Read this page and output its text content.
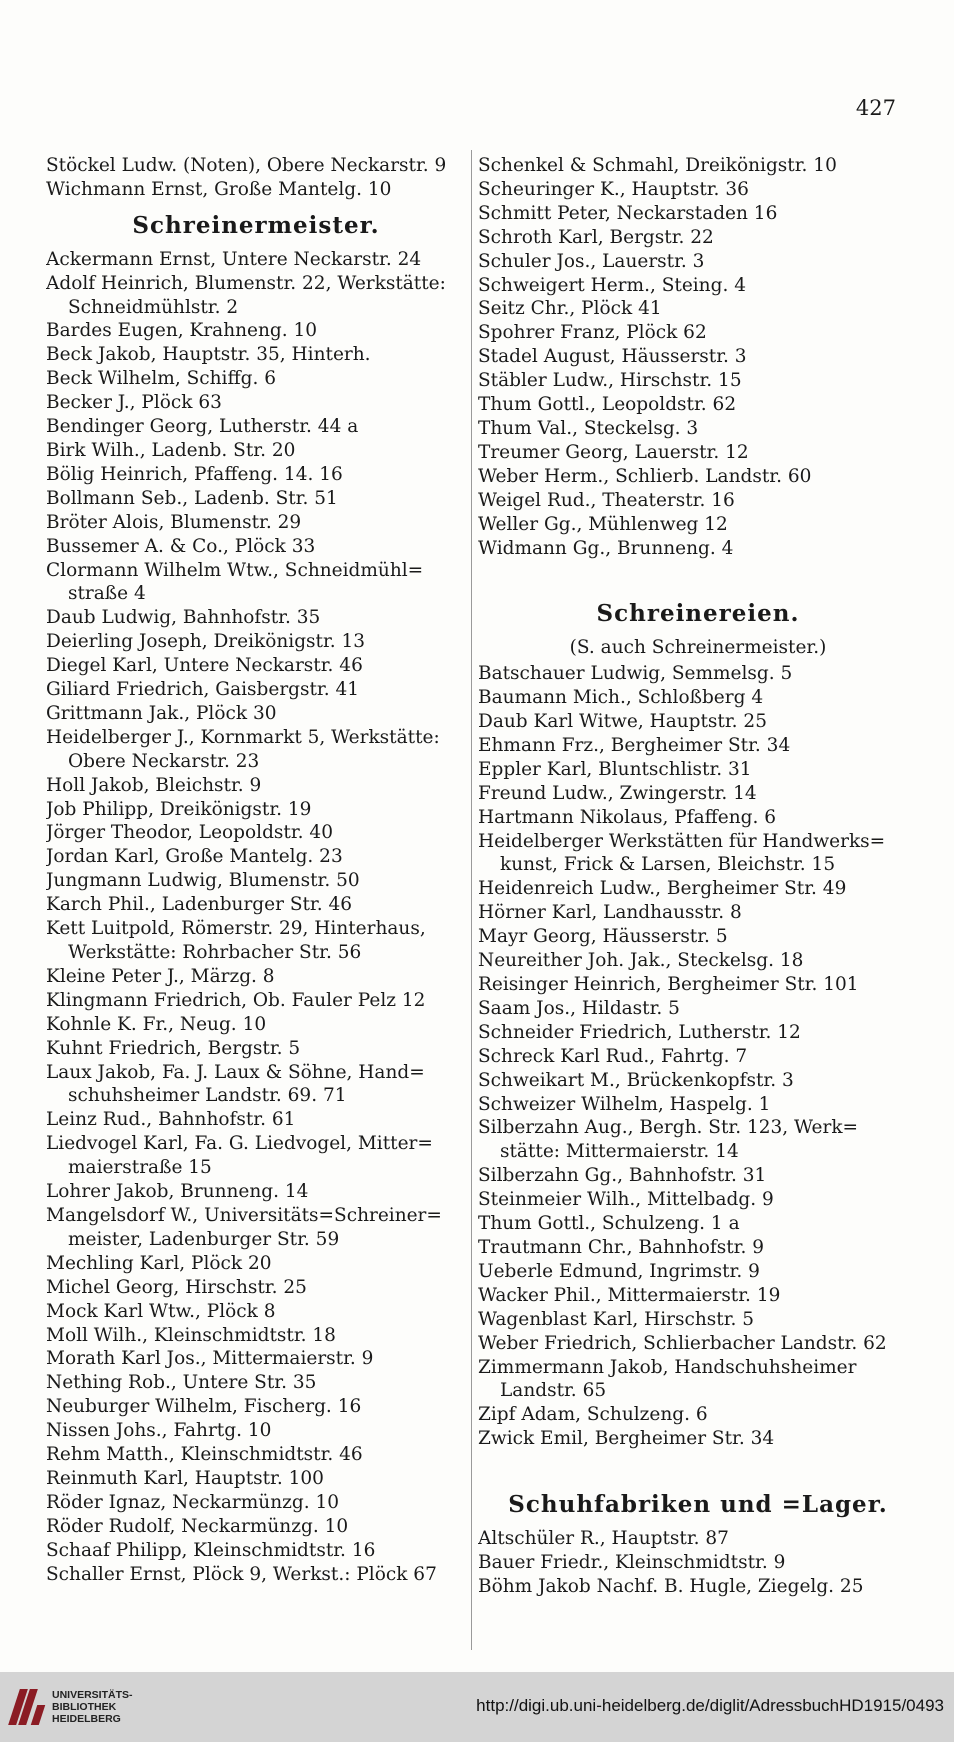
427
Stöckel Ludw. (Noten), Obere Neckarstr. 9
Wichmann Ernst, Große Mantelg. 10
Schreinermeister.
Ackermann Ernst, Untere Neckarstr. 24
Adolf Heinrich, Blumenstr. 22, Werkstätte:
Schneidmühlstr. 2
Bardes Eugen, Krahneng. 10
Beck Jakob, Hauptstr. 35, Hinterh.
Beck Wilhelm, Schiffg. 6
Becker J., Plöck 63
Bendinger Georg, Lutherstr. 44 a
Birk Wilh., Ladenb. Str. 20
Bölig Heinrich, Pfaffeng. 14. 16
Bollmann Seb., Ladenb. Str. 51
Bröter Alois, Blumenstr. 29
Bussemer A. & Co., Plöck 33
Clormann Wilhelm Wtw., Schneidmühl=
straße 4
Daub Ludwig, Bahnhofstr. 35
Deierling Joseph, Dreikönigstr. 13
Diegel Karl, Untere Neckarstr. 46
Giliard Friedrich, Gaisbergstr. 41
Grittmann Jak., Plöck 30
Heidelberger J., Kornmarkt 5, Werkstätte:
Obere Neckarstr. 23
Holl Jakob, Bleichstr. 9
Job Philipp, Dreikönigstr. 19
Jörger Theodor, Leopoldstr. 40
Jordan Karl, Große Mantelg. 23
Jungmann Ludwig, Blumenstr. 50
Karch Phil., Ladenburger Str. 46
Kett Luitpold, Römerstr. 29, Hinterhaus,
Werkstätte: Rohrbacher Str. 56
Kleine Peter J., Märzg. 8
Klingmann Friedrich, Ob. Fauler Pelz 12
Kohnle K. Fr., Neug. 10
Kuhnt Friedrich, Bergstr. 5
Laux Jakob, Fa. J. Laux & Söhne, Hand=
schuhsheimer Landstr. 69. 71
Leinz Rud., Bahnhofstr. 61
Liedvogel Karl, Fa. G. Liedvogel, Mitter=
maierstraße 15
Lohrer Jakob, Brunneng. 14
Mangelsdorf W., Universitäts=Schreiner=
meister, Ladenburger Str. 59
Mechling Karl, Plöck 20
Michel Georg, Hirschstr. 25
Mock Karl Wtw., Plöck 8
Moll Wilh., Kleinschmidtstr. 18
Morath Karl Jos., Mittermaierstr. 9
Nething Rob., Untere Str. 35
Neuburger Wilhelm, Fischerg. 16
Nissen Johs., Fahrtg. 10
Rehm Matth., Kleinschmidtstr. 46
Reinmuth Karl, Hauptstr. 100
Röder Ignaz, Neckarmünzg. 10
Röder Rudolf, Neckarmünzg. 10
Schaaf Philipp, Kleinschmidtstr. 16
Schaller Ernst, Plöck 9, Werkst.: Plöck 67
Schenkel & Schmahl, Dreikönigstr. 10
Scheuringer K., Hauptstr. 36
Schmitt Peter, Neckarstaden 16
Schroth Karl, Bergstr. 22
Schuler Jos., Lauerstr. 3
Schweigert Herm., Steing. 4
Seitz Chr., Plöck 41
Spohrer Franz, Plöck 62
Stadel August, Häusserstr. 3
Stäbler Ludw., Hirschstr. 15
Thum Gottl., Leopoldstr. 62
Thum Val., Steckelsg. 3
Treumer Georg, Lauerstr. 12
Weber Herm., Schlierb. Landstr. 60
Weigel Rud., Theaterstr. 16
Weller Gg., Mühlenweg 12
Widmann Gg., Brunneng. 4
Schreinereien.
(S. auch Schreinermeister.)
Batschauer Ludwig, Semmelsg. 5
Baumann Mich., Schloßberg 4
Daub Karl Witwe, Hauptstr. 25
Ehmann Frz., Bergheimer Str. 34
Eppler Karl, Bluntschlistr. 31
Freund Ludw., Zwingerstr. 14
Hartmann Nikolaus, Pfaffeng. 6
Heidelberger Werkstätten für Handwerks=
kunst, Frick & Larsen, Bleichstr. 15
Heidenreich Ludw., Bergheimer Str. 49
Hörner Karl, Landhausstr. 8
Mayr Georg, Häusserstr. 5
Neureither Joh. Jak., Steckelsg. 18
Reisinger Heinrich, Bergheimer Str. 101
Saam Jos., Hildastr. 5
Schneider Friedrich, Lutherstr. 12
Schreck Karl Rud., Fahrtg. 7
Schweikart M., Brückenkopfstr. 3
Schweizer Wilhelm, Haspelg. 1
Silberzahn Aug., Bergh. Str. 123, Werk=
stätte: Mittermaierstr. 14
Silberzahn Gg., Bahnhofstr. 31
Steinmeier Wilh., Mittelbadg. 9
Thum Gottl., Schulzeng. 1 a
Trautmann Chr., Bahnhofstr. 9
Ueberle Edmund, Ingrimstr. 9
Wacker Phil., Mittermaierstr. 19
Wagenblast Karl, Hirschstr. 5
Weber Friedrich, Schlierbacher Landstr. 62
Zimmermann Jakob, Handschuhsheimer
Landstr. 65
Zipf Adam, Schulzeng. 6
Zwick Emil, Bergheimer Str. 34
Schuhfabriken und =Lager.
Altschüler R., Hauptstr. 87
Bauer Friedr., Kleinschmidtstr. 9
Böhm Jakob Nachf. B. Hugle, Ziegelg. 25
UNIVERSITÄTS-
BIBLIOTHEK
HEIDELBERG
http://digi.ub.uni-heidelberg.de/diglit/AdressbuchHD1915/0493
